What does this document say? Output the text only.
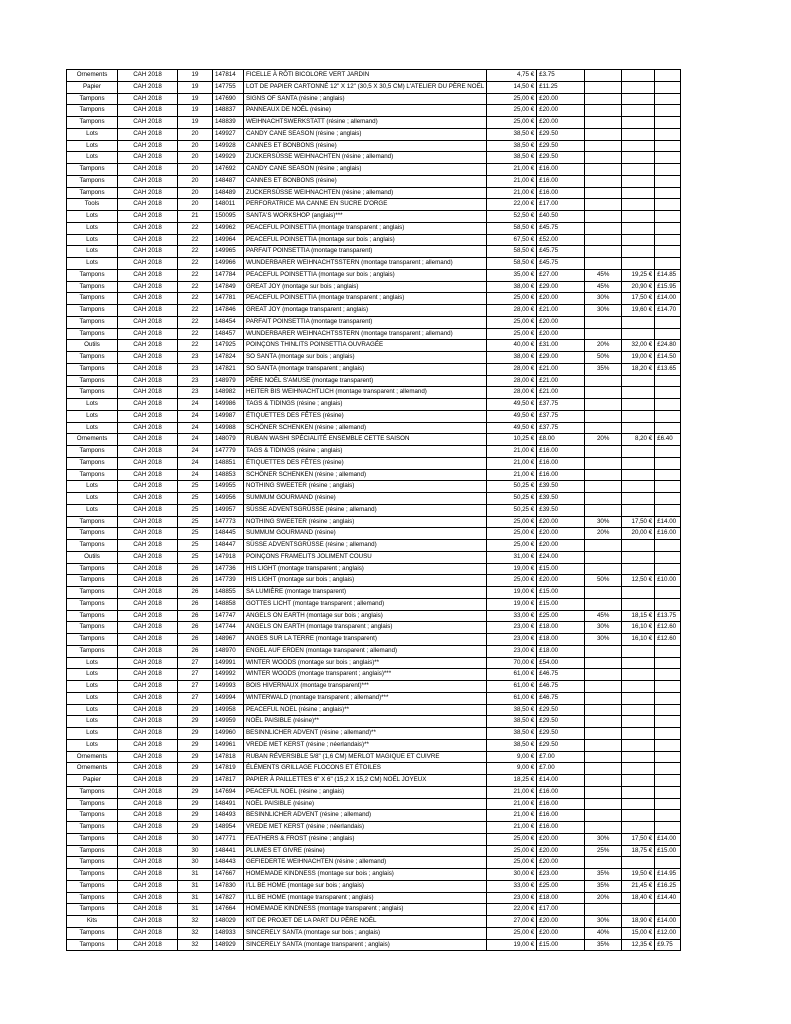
Ornements	CAH 2018	19	147814	FICELLE À RÔTI BICOLORE VERT JARDIN	4,75 €	£3.75			
Papier	CAH 2018	19	147755	LOT DE PAPIER CARTONNÉ 12" X 12" (30,5 X 30,5 CM) L'ATELIER DU PÈRE NOËL	14,50 €	£11.25			
Tampons	CAH 2018	19	147690	SIGNS OF SANTA (résine ; anglais)	25,00 €	£20.00			
Tampons	CAH 2018	19	148837	PANNEAUX DE NOËL (résine)	25,00 €	£20.00			
Tampons	CAH 2018	19	148839	WEIHNACHTSWERKSTATT (résine ; allemand)	25,00 €	£20.00			
Lots	CAH 2018	20	149927	CANDY CANE SEASON (résine ; anglais)	38,50 €	£29.50			
Lots	CAH 2018	20	149928	CANNES ET BONBONS (résine)	38,50 €	£29.50			
Lots	CAH 2018	20	149929	ZUCKERSÜSSE WEIHNACHTEN (résine ; allemand)	38,50 €	£29.50			
Tampons	CAH 2018	20	147692	CANDY CANE SEASON (résine ; anglais)	21,00 €	£16.00			
Tampons	CAH 2018	20	148487	CANNES ET BONBONS (résine)	21,00 €	£16.00			
Tampons	CAH 2018	20	148489	ZUCKERSÜSSE WEIHNACHTEN (résine ; allemand)	21,00 €	£16.00			
Tools	CAH 2018	20	148011	PERFORATRICE MA CANNE EN SUCRE D'ORGE	22,00 €	£17.00			
Lots	CAH 2018	21	150095	SANTA'S WORKSHOP (anglais)***	52,50 €	£40.50			
Lots	CAH 2018	22	149962	PEACEFUL POINSETTIA (montage transparent ; anglais)	58,50 €	£45.75			
Lots	CAH 2018	22	149964	PEACEFUL POINSETTIA (montage sur bois ; anglais)	67,50 €	£52.00			
Lots	CAH 2018	22	149965	PARFAIT POINSETTIA (montage transparent)	58,50 €	£45.75			
Lots	CAH 2018	22	149966	WUNDERBARER WEIHNACHTSSTERN (montage transparent ; allemand)	58,50 €	£45.75			
Tampons	CAH 2018	22	147784	PEACEFUL POINSETTIA (montage sur bois ; anglais)	35,00 €	£27.00	45%	19,25 €	£14.85
Tampons	CAH 2018	22	147849	GREAT JOY (montage sur bois ; anglais)	38,00 €	£29.00	45%	20,90 €	£15.95
Tampons	CAH 2018	22	147781	PEACEFUL POINSETTIA (montage transparent ; anglais)	25,00 €	£20.00	30%	17,50 €	£14.00
Tampons	CAH 2018	22	147846	GREAT JOY (montage transparent ; anglais)	28,00 €	£21.00	30%	19,60 €	£14.70
Tampons	CAH 2018	22	148454	PARFAIT POINSETTIA (montage transparent)	25,00 €	£20.00			
Tampons	CAH 2018	22	148457	WUNDERBARER WEIHNACHTSSTERN (montage transparent ; allemand)	25,00 €	£20.00			
Outils	CAH 2018	22	147925	POINÇONS THINLITS POINSETTIA OUVRAGÉE	40,00 €	£31.00	20%	32,00 €	£24.80
Tampons	CAH 2018	23	147824	SO SANTA (montage sur bois ; anglais)	38,00 €	£29.00	50%	19,00 €	£14.50
Tampons	CAH 2018	23	147821	SO SANTA (montage transparent ; anglais)	28,00 €	£21.00	35%	18,20 €	£13.65
Tampons	CAH 2018	23	148979	PÈRE NOËL S'AMUSE (montage transparent)	28,00 €	£21.00			
Tampons	CAH 2018	23	148982	HEITER BIS WEIHNACHTLICH (montage transparent ; allemand)	28,00 €	£21.00			
Lots	CAH 2018	24	149986	TAGS & TIDINGS (résine ; anglais)	49,50 €	£37.75			
Lots	CAH 2018	24	149987	ÉTIQUETTES DES FÊTES (résine)	49,50 €	£37.75			
Lots	CAH 2018	24	149988	SCHÖNER SCHENKEN (résine ; allemand)	49,50 €	£37.75			
Ornements	CAH 2018	24	148079	RUBAN WASHI SPÉCIALITÉ ENSEMBLE CETTE SAISON	10,25 €	£8.00	20%	8,20 €	£6.40
Tampons	CAH 2018	24	147779	TAGS & TIDINGS (résine ; anglais)	21,00 €	£16.00			
Tampons	CAH 2018	24	148851	ÉTIQUETTES DES FÊTES (résine)	21,00 €	£16.00			
Tampons	CAH 2018	24	148853	SCHÖNER SCHENKEN (résine ; allemand)	21,00 €	£16.00			
Lots	CAH 2018	25	149955	NOTHING SWEETER (résine ; anglais)	50,25 €	£39.50			
Lots	CAH 2018	25	149956	SUMMUM GOURMAND (résine)	50,25 €	£39.50			
Lots	CAH 2018	25	149957	SÜSSE ADVENTSGRÜSSE (résine ; allemand)	50,25 €	£39.50			
Tampons	CAH 2018	25	147773	NOTHING SWEETER (résine ; anglais)	25,00 €	£20.00	30%	17,50 €	£14.00
Tampons	CAH 2018	25	148445	SUMMUM GOURMAND (résine)	25,00 €	£20.00	20%	20,00 €	£16.00
Tampons	CAH 2018	25	148447	SÜSSE ADVENTSGRÜSSE (résine ; allemand)	25,00 €	£20.00			
Outils	CAH 2018	25	147918	POINÇONS FRAMELITS JOLIMENT COUSU	31,00 €	£24.00			
Tampons	CAH 2018	26	147736	HIS LIGHT (montage transparent ; anglais)	19,00 €	£15.00			
Tampons	CAH 2018	26	147739	HIS LIGHT (montage sur bois ; anglais)	25,00 €	£20.00	50%	12,50 €	£10.00
Tampons	CAH 2018	26	148855	SA LUMIÈRE (montage transparent)	19,00 €	£15.00			
Tampons	CAH 2018	26	148858	GOTTES LICHT (montage transparent ; allemand)	19,00 €	£15.00			
Tampons	CAH 2018	26	147747	ANGELS ON EARTH (montage sur bois ; anglais)	33,00 €	£25.00	45%	18,15 €	£13.75
Tampons	CAH 2018	26	147744	ANGELS ON EARTH (montage transparent ; anglais)	23,00 €	£18.00	30%	16,10 €	£12.60
Tampons	CAH 2018	26	148967	ANGES SUR LA TERRE (montage transparent)	23,00 €	£18.00	30%	16,10 €	£12.60
Tampons	CAH 2018	26	148970	ENGEL AUF ERDEN (montage transparent ; allemand)	23,00 €	£18.00			
Lots	CAH 2018	27	149991	WINTER WOODS (montage sur bois ; anglais)**	70,00 €	£54.00			
Lots	CAH 2018	27	149992	WINTER WOODS (montage transparent ; anglais)***	61,00 €	£46.75			
Lots	CAH 2018	27	149993	BOIS HIVERNAUX (montage transparent)***	61,00 €	£46.75			
Lots	CAH 2018	27	149994	WINTERWALD (montage transparent ; allemand)***	61,00 €	£46.75			
Lots	CAH 2018	29	149958	PEACEFUL NOEL (résine ; anglais)**	38,50 €	£29.50			
Lots	CAH 2018	29	149959	NOËL PAISIBLE (résine)**	38,50 €	£29.50			
Lots	CAH 2018	29	149960	BESINNLICHER ADVENT (résine ; allemand)**	38,50 €	£29.50			
Lots	CAH 2018	29	149961	VREDE MET KERST (résine ; néerlandais)**	38,50 €	£29.50			
Ornements	CAH 2018	29	147818	RUBAN RÉVERSIBLE 5/8" (1,6 CM) MERLOT MAGIQUE ET CUIVRE	9,00 €	£7.00			
Ornements	CAH 2018	29	147819	ÉLÉMENTS GRILLAGE FLOCONS ET ÉTOILES	9,00 €	£7.00			
Papier	CAH 2018	29	147817	PAPIER À PAILLETTES 6" X 6" (15,2 X 15,2 CM) NOËL JOYEUX	18,25 €	£14.00			
Tampons	CAH 2018	29	147694	PEACEFUL NOEL (résine ; anglais)	21,00 €	£16.00			
Tampons	CAH 2018	29	148491	NOËL PAISIBLE (résine)	21,00 €	£16.00			
Tampons	CAH 2018	29	148493	BESINNLICHER ADVENT (résine ; allemand)	21,00 €	£16.00			
Tampons	CAH 2018	29	148954	VREDE MET KERST (résine ; néerlandais)	21,00 €	£16.00			
Tampons	CAH 2018	30	147771	FEATHERS & FROST (résine ; anglais)	25,00 €	£20.00	30%	17,50 €	£14.00
Tampons	CAH 2018	30	148441	PLUMES ET GIVRE (résine)	25,00 €	£20.00	25%	18,75 €	£15.00
Tampons	CAH 2018	30	148443	GEFIEDERTE WEIHNACHTEN (résine ; allemand)	25,00 €	£20.00			
Tampons	CAH 2018	31	147667	HOMEMADE KINDNESS (montage sur bois ; anglais)	30,00 €	£23.00	35%	19,50 €	£14.95
Tampons	CAH 2018	31	147830	I'LL BE HOME (montage sur bois ; anglais)	33,00 €	£25.00	35%	21,45 €	£16.25
Tampons	CAH 2018	31	147827	I'LL BE HOME (montage transparent ; anglais)	23,00 €	£18.00	20%	18,40 €	£14.40
Tampons	CAH 2018	31	147664	HOMEMADE KINDNESS (montage transparent ; anglais)	22,00 €	£17.00			
Kits	CAH 2018	32	148029	KIT DE PROJET DE LA PART DU PÈRE NOËL	27,00 €	£20.00	30%	18,90 €	£14.00
Tampons	CAH 2018	32	148933	SINCERELY SANTA (montage sur bois ; anglais)	25,00 €	£20.00	40%	15,00 €	£12.00
Tampons	CAH 2018	32	148929	SINCERELY SANTA (montage transparent ; anglais)	19,00 €	£15.00	35%	12,35 €	£9.75
